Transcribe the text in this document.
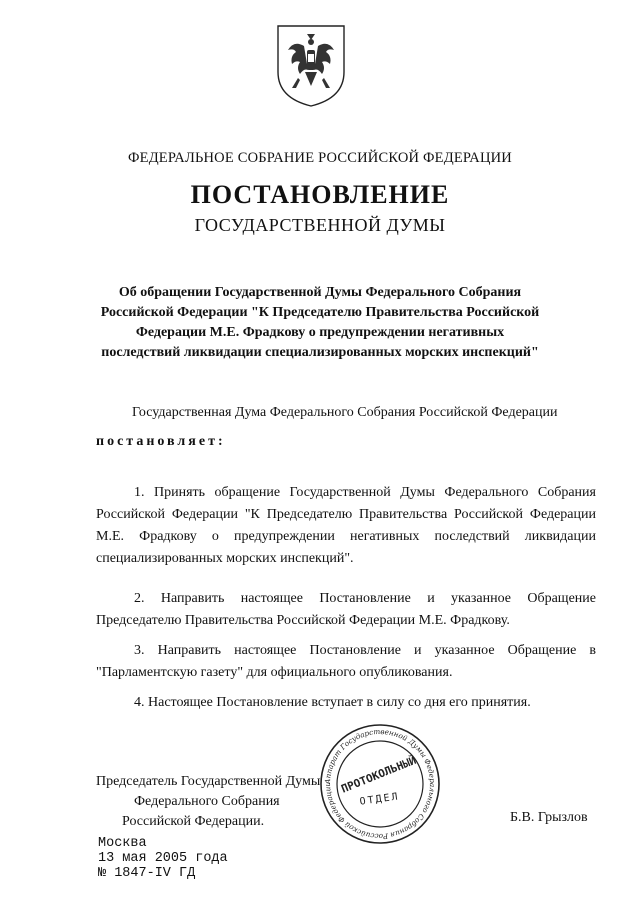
ФЕДЕРАЛЬНОЕ СОБРАНИЕ РОССИЙСКОЙ ФЕДЕРАЦИИ
ПОСТАНОВЛЕНИЕ
ГОСУДАРСТВЕННОЙ ДУМЫ
Об обращении Государственной Думы Федерального Собрания Российской Федерации "К Председателю Правительства Российской Федерации М.Е. Фрадкову о предупреждении негативных последствий ликвидации специализированных морских инспекций"
Государственная Дума Федерального Собрания Российской Федерации
постановляет:
1. Принять обращение Государственной Думы Федерального Собрания Российской Федерации "К Председателю Правительства Российской Федерации М.Е. Фрадкову о предупреждении негативных последствий ликвидации специализированных морских инспекций".
2. Направить настоящее Постановление и указанное Обращение Председателю Правительства Российской Федерации М.Е. Фрадкову.
3. Направить настоящее Постановление и указанное Обращение в "Парламентскую газету" для официального опубликования.
4. Настоящее Постановление вступает в силу со дня его принятия.
Председатель Государственной Думы
Федерального Собрания
Российской Федерации.	Б.В. Грызлов
Аппарат Государственной Думы Федерального Собрания Российской Федерации ПРОТОКОЛЬНЫЙ
ОТДЕЛ
Москва
13 мая 2005 года
№ 1847-IV ГД
